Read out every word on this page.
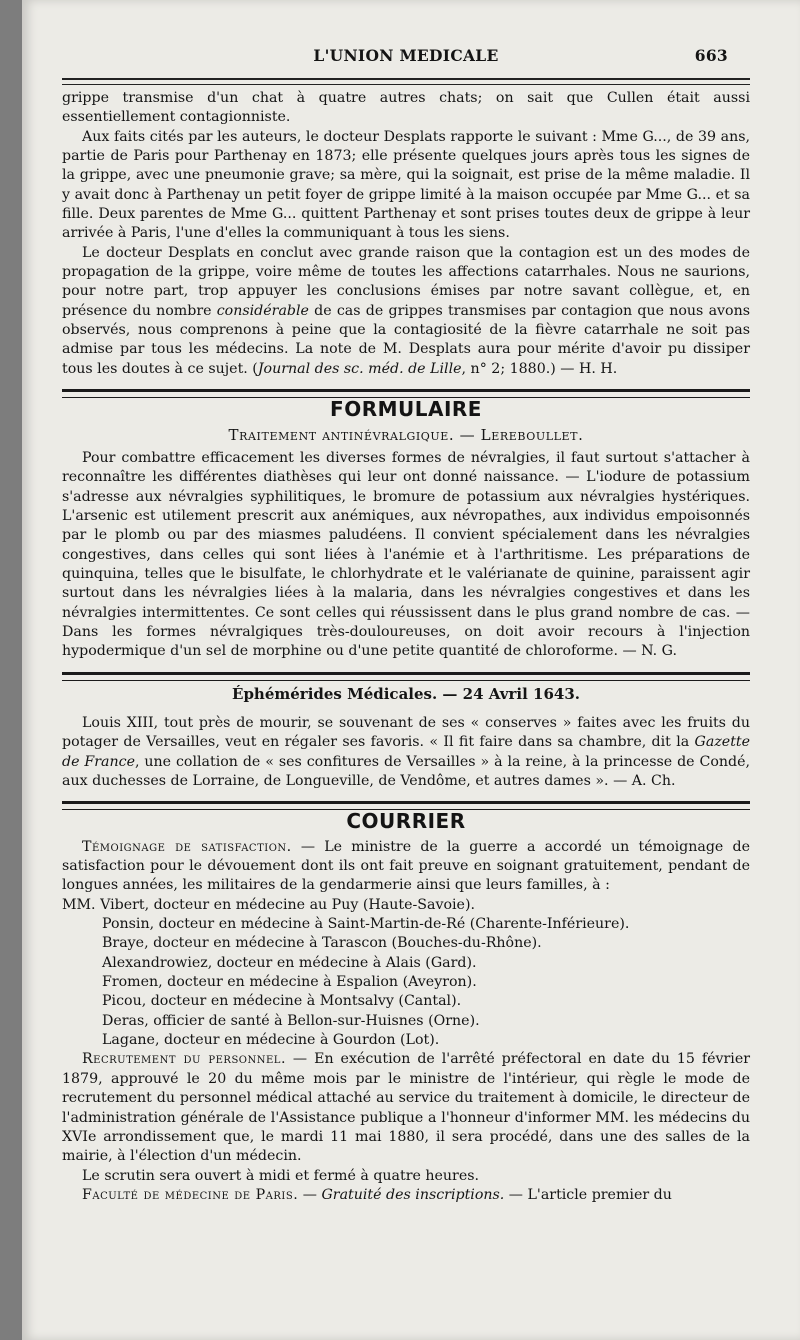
L'UNION MEDICALE	663

grippe transmise d'un chat à quatre autres chats; on sait que Cullen était aussi essentiellement contagionniste.

Aux faits cités par les auteurs, le docteur Desplats rapporte le suivant : Mme G..., de 39 ans, partie de Paris pour Parthenay en 1873; elle présente quelques jours après tous les signes de la grippe, avec une pneumonie grave; sa mère, qui la soignait, est prise de la même maladie. Il y avait donc à Parthenay un petit foyer de grippe limité à la maison occupée par Mme G... et sa fille. Deux parentes de Mme G... quittent Parthenay et sont prises toutes deux de grippe à leur arrivée à Paris, l'une d'elles la communiquant à tous les siens.

Le docteur Desplats en conclut avec grande raison que la contagion est un des modes de propagation de la grippe, voire même de toutes les affections catarrhales. Nous ne saurions, pour notre part, trop appuyer les conclusions émises par notre savant collègue, et, en présence du nombre considérable de cas de grippes transmises par contagion que nous avons observés, nous comprenons à peine que la contagiosité de la fièvre catarrhale ne soit pas admise par tous les médecins. La note de M. Desplats aura pour mérite d'avoir pu dissiper tous les doutes à ce sujet. (Journal des sc. méd. de Lille, n° 2; 1880.) — H. H.

FORMULAIRE
Traitement antinévralgique. — Lereboullet.

Pour combattre efficacement les diverses formes de névralgies, il faut surtout s'attacher à reconnaître les différentes diathèses qui leur ont donné naissance. — L'iodure de potassium s'adresse aux névralgies syphilitiques, le bromure de potassium aux névralgies hystériques. L'arsenic est utilement prescrit aux anémiques, aux névropathes, aux individus empoisonnés par le plomb ou par des miasmes paludéens. Il convient spécialement dans les névralgies congestives, dans celles qui sont liées à l'anémie et à l'arthritisme. Les préparations de quinquina, telles que le bisulfate, le chlorhydrate et le valérianate de quinine, paraissent agir surtout dans les névralgies liées à la malaria, dans les névralgies congestives et dans les névralgies intermittentes. Ce sont celles qui réussissent dans le plus grand nombre de cas. — Dans les formes névralgiques très-douloureuses, on doit avoir recours à l'injection hypodermique d'un sel de morphine ou d'une petite quantité de chloroforme. — N. G.

Éphémérides Médicales. — 24 Avril 1643.

Louis XIII, tout près de mourir, se souvenant de ses « conserves » faites avec les fruits du potager de Versailles, veut en régaler ses favoris. « Il fit faire dans sa chambre, dit la Gazette de France, une collation de « ses confitures de Versailles » à la reine, à la princesse de Condé, aux duchesses de Lorraine, de Longueville, de Vendôme, et autres dames ». — A. Ch.

COURRIER

Témoignage de satisfaction. — Le ministre de la guerre a accordé un témoignage de satisfaction pour le dévouement dont ils ont fait preuve en soignant gratuitement, pendant de longues années, les militaires de la gendarmerie ainsi que leurs familles, à :

MM. Vibert, docteur en médecine au Puy (Haute-Savoie).
Ponsin, docteur en médecine à Saint-Martin-de-Ré (Charente-Inférieure).
Braye, docteur en médecine à Tarascon (Bouches-du-Rhône).
Alexandrowiez, docteur en médecine à Alais (Gard).
Fromen, docteur en médecine à Espalion (Aveyron).
Picou, docteur en médecine à Montsalvy (Cantal).
Deras, officier de santé à Bellon-sur-Huisnes (Orne).
Lagane, docteur en médecine à Gourdon (Lot).

Recrutement du personnel. — En exécution de l'arrêté préfectoral en date du 15 février 1879, approuvé le 20 du même mois par le ministre de l'intérieur, qui règle le mode de recrutement du personnel médical attaché au service du traitement à domicile, le directeur de l'administration générale de l'Assistance publique a l'honneur d'informer MM. les médecins du XVIe arrondissement que, le mardi 11 mai 1880, il sera procédé, dans une des salles de la mairie, à l'élection d'un médecin.

Le scrutin sera ouvert à midi et fermé à quatre heures.

Faculté de médecine de Paris. — Gratuité des inscriptions. — L'article premier du
